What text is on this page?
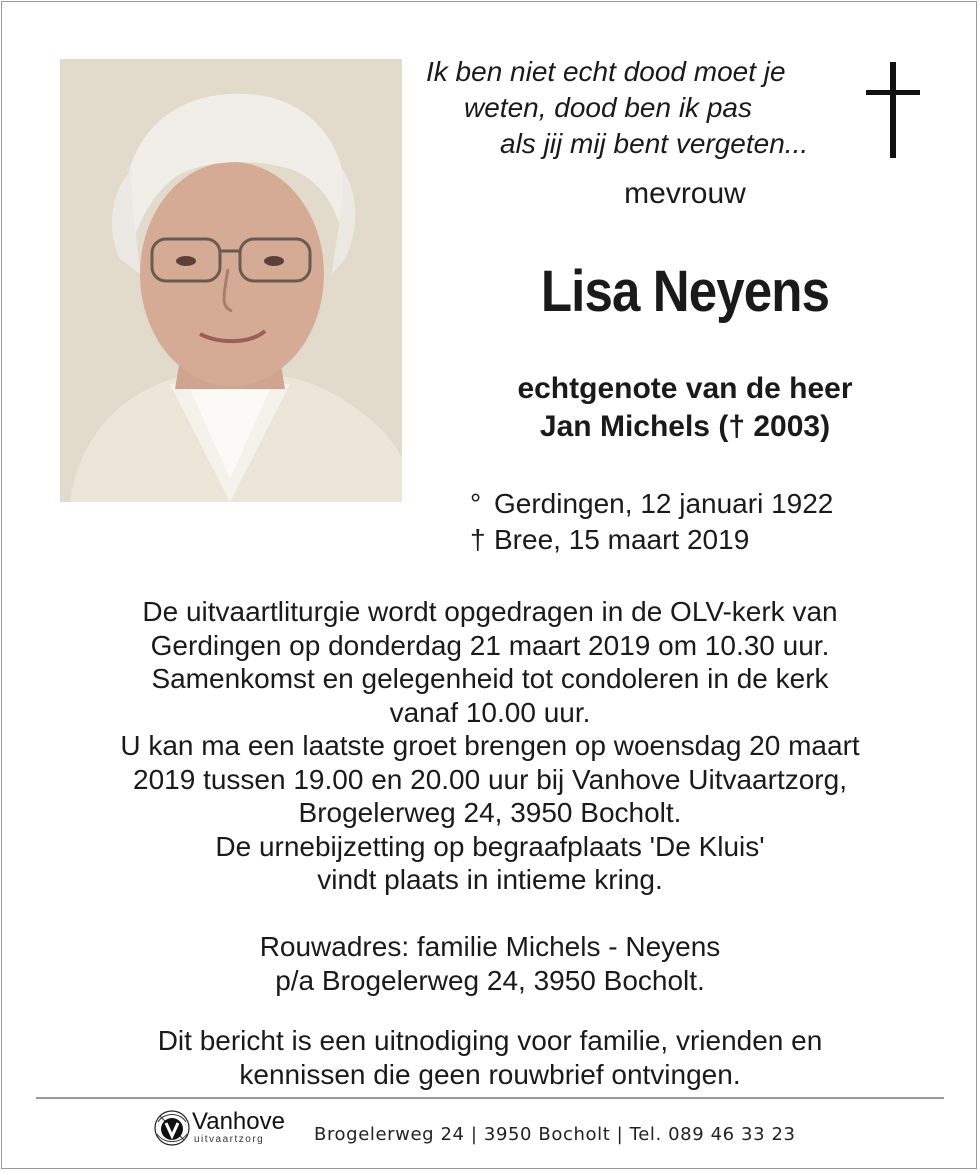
Ik ben niet echt dood moet je
weten, dood ben ik pas
als jij mij bent vergeten...
mevrouw
Lisa Neyens
echtgenote van de heer
Jan Michels († 2003)
° Gerdingen, 12 januari 1922
† Bree, 15 maart 2019
De uitvaartliturgie wordt opgedragen in de OLV-kerk van
Gerdingen op donderdag 21 maart 2019 om 10.30 uur.
Samenkomst en gelegenheid tot condoleren in de kerk
vanaf 10.00 uur.
U kan ma een laatste groet brengen op woensdag 20 maart
2019 tussen 19.00 en 20.00 uur bij Vanhove Uitvaartzorg,
Brogelerweg 24, 3950 Bocholt.
De urnebijzetting op begraafplaats 'De Kluis'
vindt plaats in intieme kring.
Rouwadres: familie Michels - Neyens
p/a Brogelerweg 24, 3950 Bocholt.
Dit bericht is een uitnodiging voor familie, vrienden en
kennissen die geen rouwbrief ontvingen.
Vanhove
uitvaartzorg	Brogelerweg 24 | 3950 Bocholt | Tel. 089 46 33 23
